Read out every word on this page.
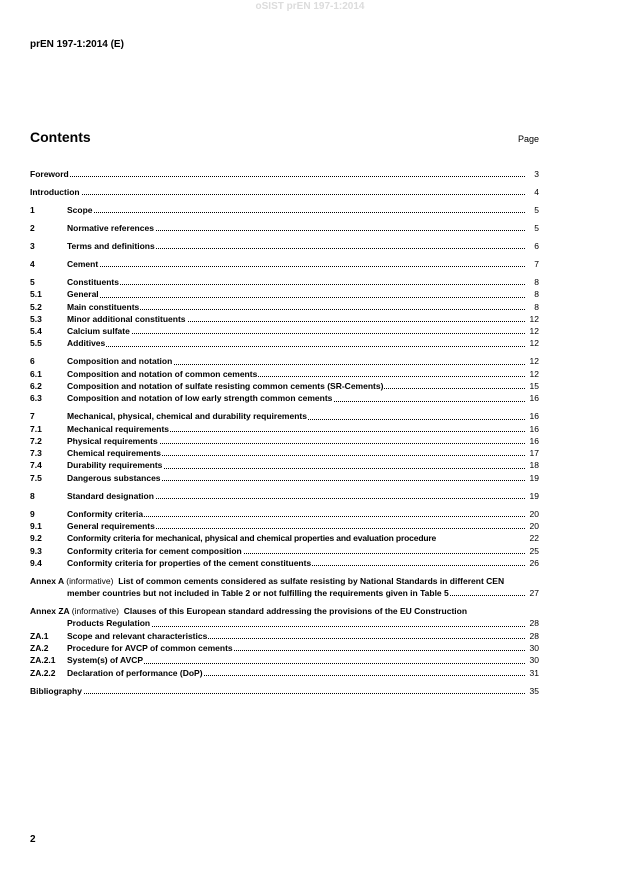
oSIST prEN 197-1:2014
prEN 197-1:2014 (E)
Contents	Page
Foreword	3
Introduction	4
1	Scope	5
2	Normative references	5
3	Terms and definitions	6
4	Cement	7
5	Constituents	8
5.1	General	8
5.2	Main constituents	8
5.3	Minor additional constituents	12
5.4	Calcium sulfate	12
5.5	Additives	12
6	Composition and notation	12
6.1	Composition and notation of common cements	12
6.2	Composition and notation of sulfate resisting common cements (SR-Cements)	15
6.3	Composition and notation of low early strength common cements	16
7	Mechanical, physical, chemical and durability requirements	16
7.1	Mechanical requirements	16
7.2	Physical requirements	16
7.3	Chemical requirements	17
7.4	Durability requirements	18
7.5	Dangerous substances	19
8	Standard designation	19
9	Conformity criteria	20
9.1	General requirements	20
9.2	Conformity criteria for mechanical, physical and chemical properties and evaluation procedure	22
9.3	Conformity criteria for cement composition	25
9.4	Conformity criteria for properties of the cement constituents	26
Annex A (informative) List of common cements considered as sulfate resisting by National Standards in different CEN member countries but not included in Table 2 or not fulfilling the requirements given in Table 5	27
Annex ZA (informative) Clauses of this European standard addressing the provisions of the EU Construction Products Regulation	28
ZA.1	Scope and relevant characteristics	28
ZA.2	Procedure for AVCP of common cements	30
ZA.2.1	System(s) of AVCP	30
ZA.2.2	Declaration of performance (DoP)	31
Bibliography	35
2
